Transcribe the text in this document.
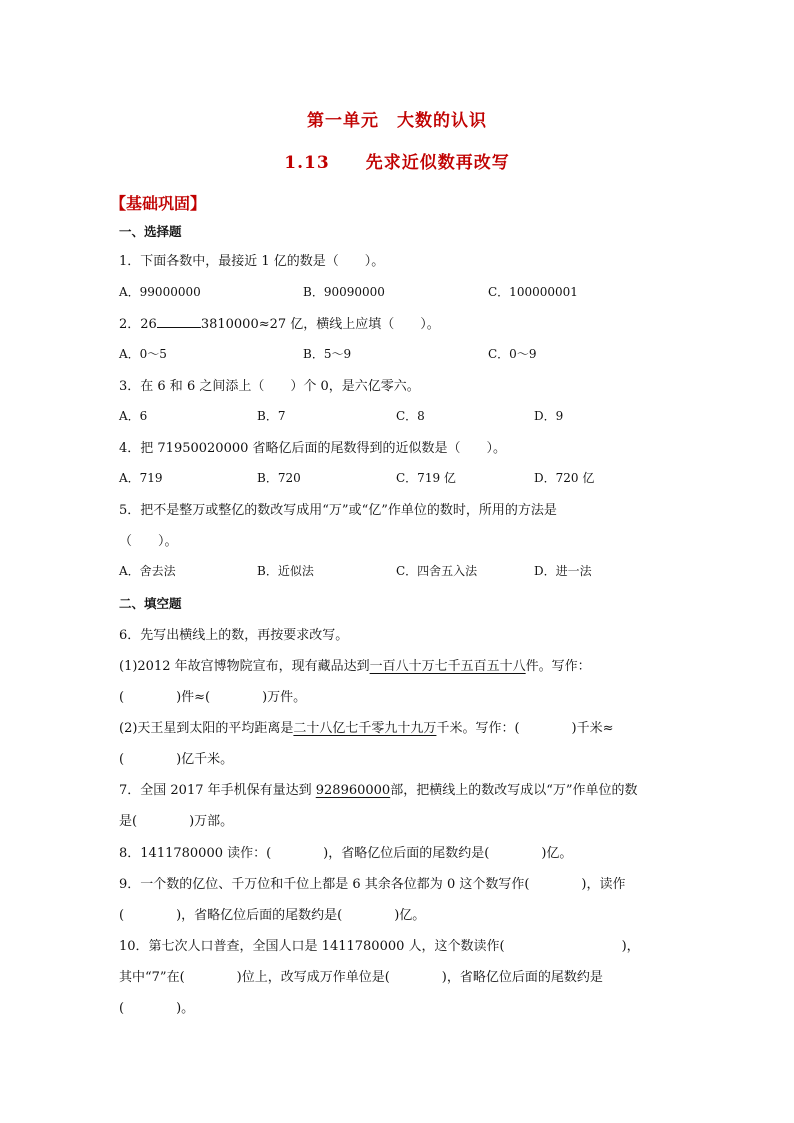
第一单元　大数的认识
1.13　　先求近似数再改写
【基础巩固】
一、选择题
1．下面各数中，最接近 1 亿的数是（　　）。
A．99000000	B．90090000	C．100000001
2．26	3810000≈27 亿，横线上应填（　　）。
A．0～5	B．5～9	C．0～9
3．在 6 和 6 之间添上（　　）个 0，是六亿零六。
A．6	B．7	C．8	D．9
4．把 71950020000 省略亿后面的尾数得到的近似数是（　　）。
A．719	B．720	C．719 亿	D．720 亿
5．把不是整万或整亿的数改写成用“万”或“亿”作单位的数时，所用的方法是
（　　）。
A．舍去法	B．近似法	C．四舍五入法	D．进一法
二、填空题
6．先写出横线上的数，再按要求改写。
(1)2012 年故宫博物院宣布，现有藏品达到一百八十万七千五百五十八件。写作：
(　　　　)件≈(　　　　)万件。
(2)天王星到太阳的平均距离是二十八亿七千零九十九万千米。写作：(　　　　)千米≈
(　　　　)亿千米。
7．全国 2017 年手机保有量达到 928960000部，把横线上的数改写成以“万”作单位的数
是(　　　　)万部。
8．1411780000 读作：(　　　　)，省略亿位后面的尾数约是(　　　　)亿。
9．一个数的亿位、千万位和千位上都是 6 其余各位都为 0 这个数写作(　　　　)，读作
(　　　　)，省略亿位后面的尾数约是(　　　　)亿。
10．第七次人口普查，全国人口是 1411780000 人，这个数读作(　　　　　　　　　)，
其中“7”在(　　　　)位上，改写成万作单位是(　　　　)，省略亿位后面的尾数约是
(　　　　)。
